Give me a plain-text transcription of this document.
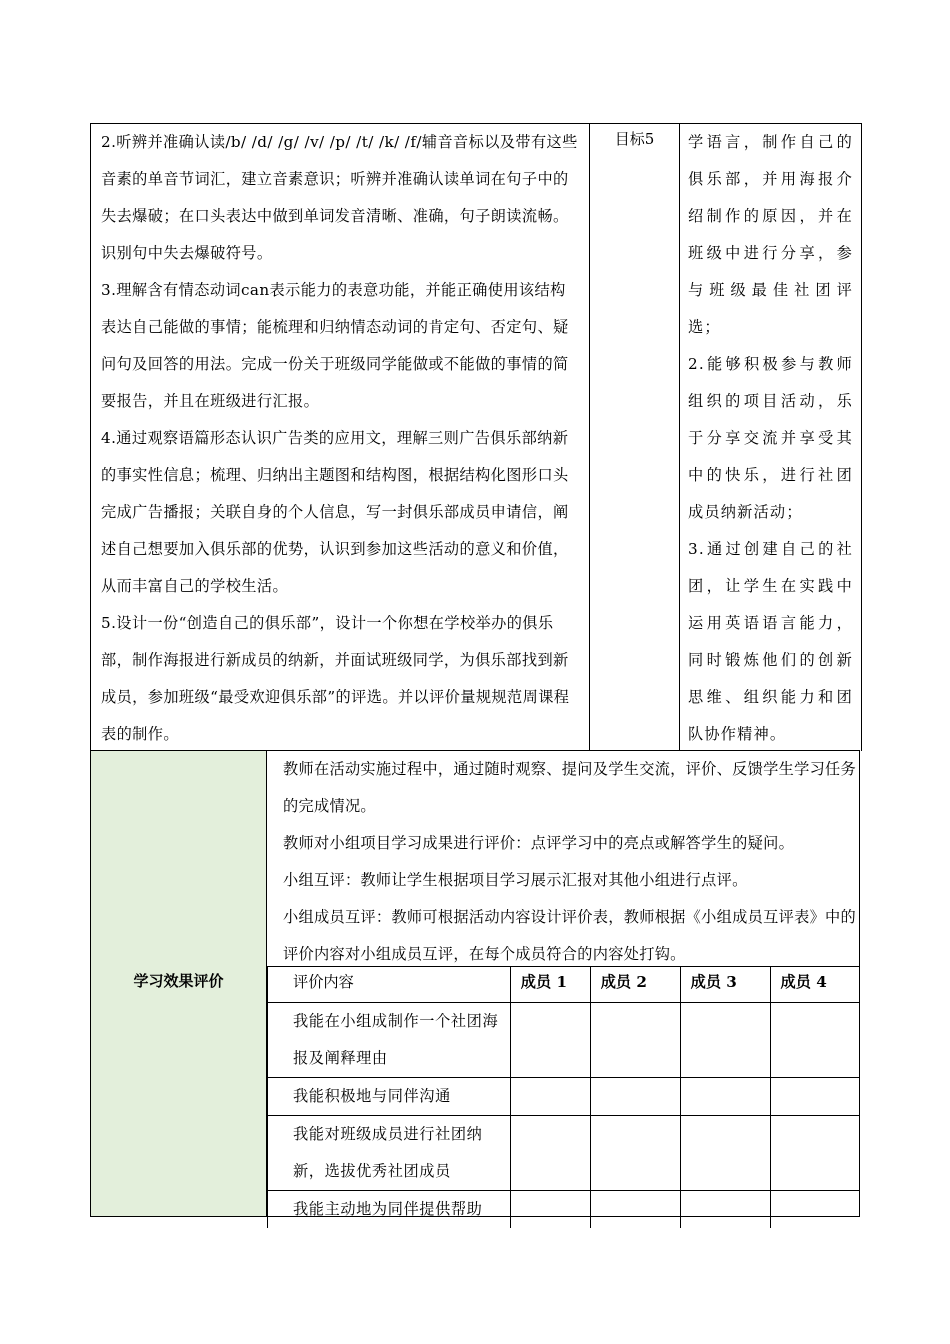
2.听辨并准确认读/b/ /d/ /g/ /v/ /p/ /t/ /k/ /f/辅音音标以及带有这些音素的单音节词汇，建立音素意识；听辨并准确认读单词在句子中的失去爆破；在口头表达中做到单词发音清晰、准确，句子朗读流畅。识别句中失去爆破符号。

3.理解含有情态动词can表示能力的表意功能，并能正确使用该结构表达自己能做的事情；能梳理和归纳情态动词的肯定句、否定句、疑问句及回答的用法。完成一份关于班级同学能做或不能做的事情的简要报告，并且在班级进行汇报。

4.通过观察语篇形态认识广告类的应用文，理解三则广告俱乐部纳新的事实性信息；梳理、归纳出主题图和结构图，根据结构化图形口头完成广告播报；关联自身的个人信息，写一封俱乐部成员申请信，阐述自己想要加入俱乐部的优势，认识到参加这些活动的意义和价值，从而丰富自己的学校生活。

5.设计一份“创造自己的俱乐部”，设计一个你想在学校举办的俱乐部，制作海报进行新成员的纳新，并面试班级同学，为俱乐部找到新成员，参加班级“最受欢迎俱乐部”的评选。并以评价量规规范周课程表的制作。

目标5	学语言，制作自己的
俱乐部，并用海报介
绍制作的原因，并在
班级中进行分享，参
与班级最佳社团评
选；
2.能够积极参与教师
组织的项目活动，乐
于分享交流并享受其
中的快乐，进行社团
成员纳新活动；
3.通过创建自己的社
团，让学生在实践中
运用英语语言能力，
同时锻炼他们的创新
思维、组织能力和团
队协作精神。
学习效果评价

教师在活动实施过程中，通过随时观察、提问及学生交流，评价、反馈学生学习任务的完成情况。

教师对小组项目学习成果进行评价：点评学习中的亮点或解答学生的疑问。

小组互评：教师让学生根据项目学习展示汇报对其他小组进行点评。

小组成员互评：教师可根据活动内容设计评价表，教师根据《小组成员互评表》中的评价内容对小组成员互评，在每个成员符合的内容处打钩。

评价内容	成员 1	成员 2	成员 3	成员 4
我能在小组成制作一个社团海报及阐释理由				
我能积极地与同伴沟通				
我能对班级成员进行社团纳新，选拔优秀社团成员				
我能主动地为同伴提供帮助				
